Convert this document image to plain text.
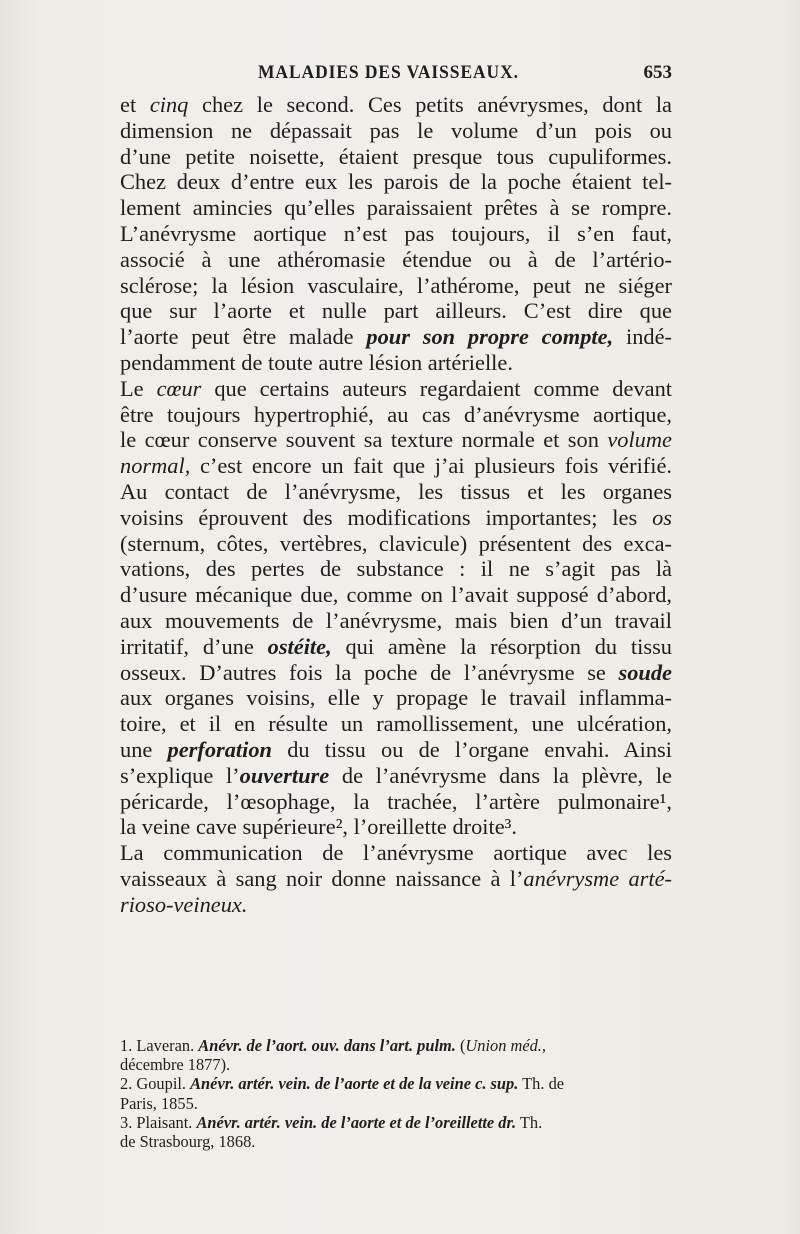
MALADIES DES VAISSEAUX.	653
et cinq chez le second. Ces petits anévrysmes, dont la
dimension ne dépassait pas le volume d’un pois ou
d’une petite noisette, étaient presque tous cupuliformes.
Chez deux d’entre eux les parois de la poche étaient tel-
lement amincies qu’elles paraissaient prêtes à se rompre.
L’anévrysme aortique n’est pas toujours, il s’en faut,
associé à une athéromasie étendue ou à de l’artério-
sclérose; la lésion vasculaire, l’athérome, peut ne siéger
que sur l’aorte et nulle part ailleurs. C’est dire que
l’aorte peut être malade pour son propre compte, indé-
pendamment de toute autre lésion artérielle.
Le cœur que certains auteurs regardaient comme devant
être toujours hypertrophié, au cas d’anévrysme aortique,
le cœur conserve souvent sa texture normale et son volume
normal, c’est encore un fait que j’ai plusieurs fois vérifié.
Au contact de l’anévrysme, les tissus et les organes
voisins éprouvent des modifications importantes; les os
(sternum, côtes, vertèbres, clavicule) présentent des exca-
vations, des pertes de substance : il ne s’agit pas là
d’usure mécanique due, comme on l’avait supposé d’abord,
aux mouvements de l’anévrysme, mais bien d’un travail
irritatif, d’une ostéite, qui amène la résorption du tissu
osseux. D’autres fois la poche de l’anévrysme se soude
aux organes voisins, elle y propage le travail inflamma-
toire, et il en résulte un ramollissement, une ulcération,
une perforation du tissu ou de l’organe envahi. Ainsi
s’explique l’ouverture de l’anévrysme dans la plèvre, le
péricarde, l’œsophage, la trachée, l’artère pulmonaire¹,
la veine cave supérieure², l’oreillette droite³.
La communication de l’anévrysme aortique avec les
vaisseaux à sang noir donne naissance à l’anévrysme arté-
rioso-veineux.
1. Laveran. Anévr. de l’aort. ouv. dans l’art. pulm. (Union méd.,
décembre 1877).
2. Goupil. Anévr. artér. vein. de l’aorte et de la veine c. sup. Th. de
Paris, 1855.
3. Plaisant. Anévr. artér. vein. de l’aorte et de l’oreillette dr. Th.
de Strasbourg, 1868.
